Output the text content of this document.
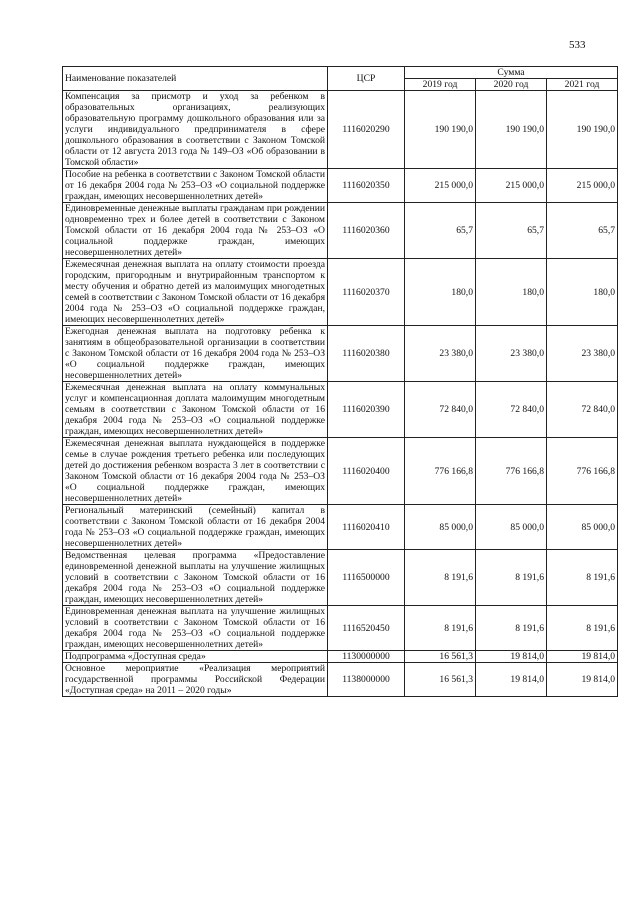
533
Наименование показателей	ЦСР	Сумма		
		2019 год	2020 год	2021 год
Компенсация за присмотр и уход за ребенком в образовательных организациях, реализующих образовательную программу дошкольного образования или за услуги индивидуального предпринимателя в сфере дошкольного образования в соответствии с Законом Томской области от 12 августа 2013 года № 149–ОЗ «Об образовании в Томской области»	1116020290	190 190,0	190 190,0	190 190,0
Пособие на ребенка в соответствии с Законом Томской области от 16 декабря 2004 года № 253–ОЗ «О социальной поддержке граждан, имеющих несовершеннолетних детей»	1116020350	215 000,0	215 000,0	215 000,0
Единовременные денежные выплаты гражданам при рождении одновременно трех и более детей в соответствии с Законом Томской области от 16 декабря 2004 года № 253–ОЗ «О социальной поддержке граждан, имеющих несовершеннолетних детей»	1116020360	65,7	65,7	65,7
Ежемесячная денежная выплата на оплату стоимости проезда городским, пригородным и внутрирайонным транспортом к месту обучения и обратно детей из малоимущих многодетных семей в соответствии с Законом Томской области от 16 декабря 2004 года № 253–ОЗ «О социальной поддержке граждан, имеющих несовершеннолетних детей»	1116020370	180,0	180,0	180,0
Ежегодная денежная выплата на подготовку ребенка к занятиям в общеобразовательной организации в соответствии с Законом Томской области от 16 декабря 2004 года № 253–ОЗ «О социальной поддержке граждан, имеющих несовершеннолетних детей»	1116020380	23 380,0	23 380,0	23 380,0
Ежемесячная денежная выплата на оплату коммунальных услуг и компенсационная доплата малоимущим многодетным семьям в соответствии с Законом Томской области от 16 декабря 2004 года № 253–ОЗ «О социальной поддержке граждан, имеющих несовершеннолетних детей»	1116020390	72 840,0	72 840,0	72 840,0
Ежемесячная денежная выплата нуждающейся в поддержке семье в случае рождения третьего ребенка или последующих детей до достижения ребенком возраста 3 лет в соответствии с Законом Томской области от 16 декабря 2004 года № 253–ОЗ «О социальной поддержке граждан, имеющих несовершеннолетних детей»	1116020400	776 166,8	776 166,8	776 166,8
Региональный материнский (семейный) капитал в соответствии с Законом Томской области от 16 декабря 2004 года № 253–ОЗ «О социальной поддержке граждан, имеющих несовершеннолетних детей»	1116020410	85 000,0	85 000,0	85 000,0
Ведомственная целевая программа «Предоставление единовременной денежной выплаты на улучшение жилищных условий в соответствии с Законом Томской области от 16 декабря 2004 года № 253–ОЗ «О социальной поддержке граждан, имеющих несовершеннолетних детей»	1116500000	8 191,6	8 191,6	8 191,6
Единовременная денежная выплата на улучшение жилищных условий в соответствии с Законом Томской области от 16 декабря 2004 года № 253–ОЗ «О социальной поддержке граждан, имеющих несовершеннолетних детей»	1116520450	8 191,6	8 191,6	8 191,6
Подпрограмма «Доступная среда»	1130000000	16 561,3	19 814,0	19 814,0
Основное мероприятие «Реализация мероприятий государственной программы Российской Федерации «Доступная среда» на 2011 – 2020 годы»	1138000000	16 561,3	19 814,0	19 814,0
